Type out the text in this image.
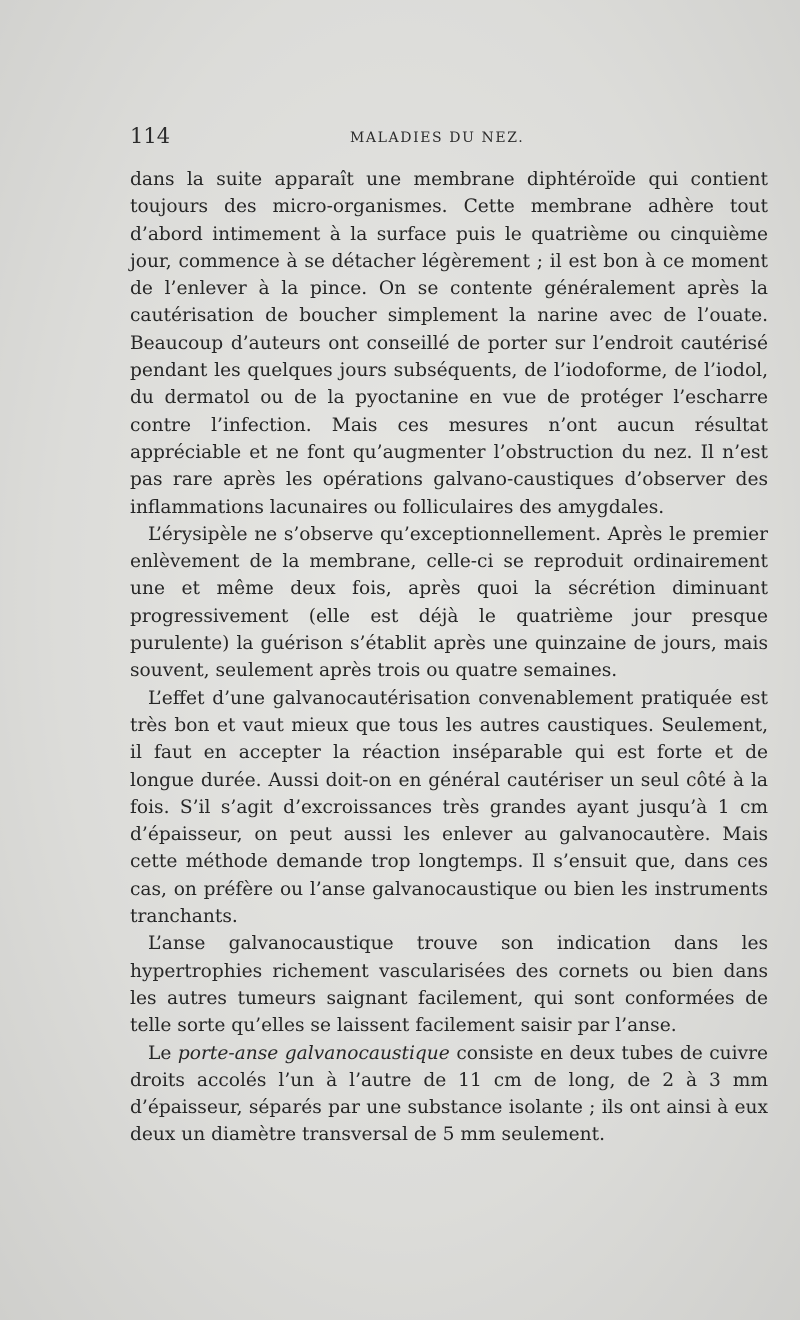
114	MALADIES DU NEZ.

dans la suite apparaît une membrane diphtéroïde qui contient toujours des micro-organismes. Cette membrane adhère tout d’abord intimement à la surface puis le quatrième ou cinquième jour, commence à se détacher légèrement ; il est bon à ce moment de l’enlever à la pince. On se contente généralement après la cautérisation de boucher simplement la narine avec de l’ouate. Beaucoup d’auteurs ont conseillé de porter sur l’endroit cautérisé pendant les quelques jours subséquents, de l’iodoforme, de l’iodol, du dermatol ou de la pyoctanine en vue de protéger l’escharre contre l’infection. Mais ces mesures n’ont aucun résultat appréciable et ne font qu’augmenter l’obstruction du nez. Il n’est pas rare après les opérations galvano-caustiques d’observer des inflammations lacunaires ou folliculaires des amygdales.

L’érysipèle ne s’observe qu’exceptionnellement. Après le premier enlèvement de la membrane, celle-ci se reproduit ordinairement une et même deux fois, après quoi la sécrétion diminuant progressivement (elle est déjà le quatrième jour presque purulente) la guérison s’établit après une quinzaine de jours, mais souvent, seulement après trois ou quatre semaines.

L’effet d’une galvanocautérisation convenablement pratiquée est très bon et vaut mieux que tous les autres caustiques. Seulement, il faut en accepter la réaction inséparable qui est forte et de longue durée. Aussi doit-on en général cautériser un seul côté à la fois. S’il s’agit d’excroissances très grandes ayant jusqu’à 1 cm d’épaisseur, on peut aussi les enlever au galvanocautère. Mais cette méthode demande trop longtemps. Il s’ensuit que, dans ces cas, on préfère ou l’anse galvanocaustique ou bien les instruments tranchants.

L’anse galvanocaustique trouve son indication dans les hypertrophies richement vascularisées des cornets ou bien dans les autres tumeurs saignant facilement, qui sont conformées de telle sorte qu’elles se laissent facilement saisir par l’anse.

Le porte-anse galvanocaustique consiste en deux tubes de cuivre droits accolés l’un à l’autre de 11 cm de long, de 2 à 3 mm d’épaisseur, séparés par une substance isolante ; ils ont ainsi à eux deux un diamètre transversal de 5 mm seulement.
